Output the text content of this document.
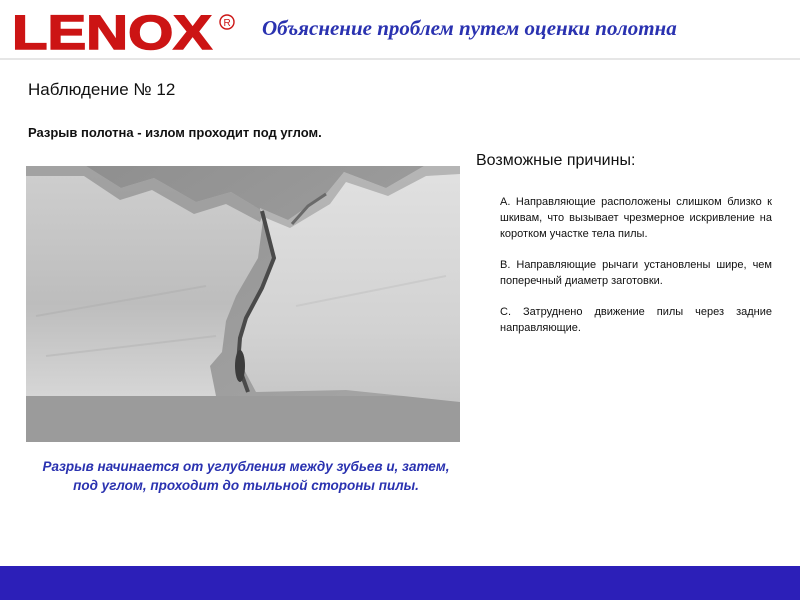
LENOX R Объяснение проблем путем оценки полотна
Наблюдение № 12
Разрыв полотна ‑ излом проходит под углом.
Разрыв начинается от углубления между зубьев и, затем, под углом, проходит до тыльной стороны пилы.
Возможные причины:
А. Направляющие расположены слишком близко к шкивам, что вызывает чрезмерное искривление на коротком участке тела пилы.
В. Направляющие рычаги установлены шире, чем поперечный диаметр заготовки.
С. Затруднено движение пилы через задние направляющие.
